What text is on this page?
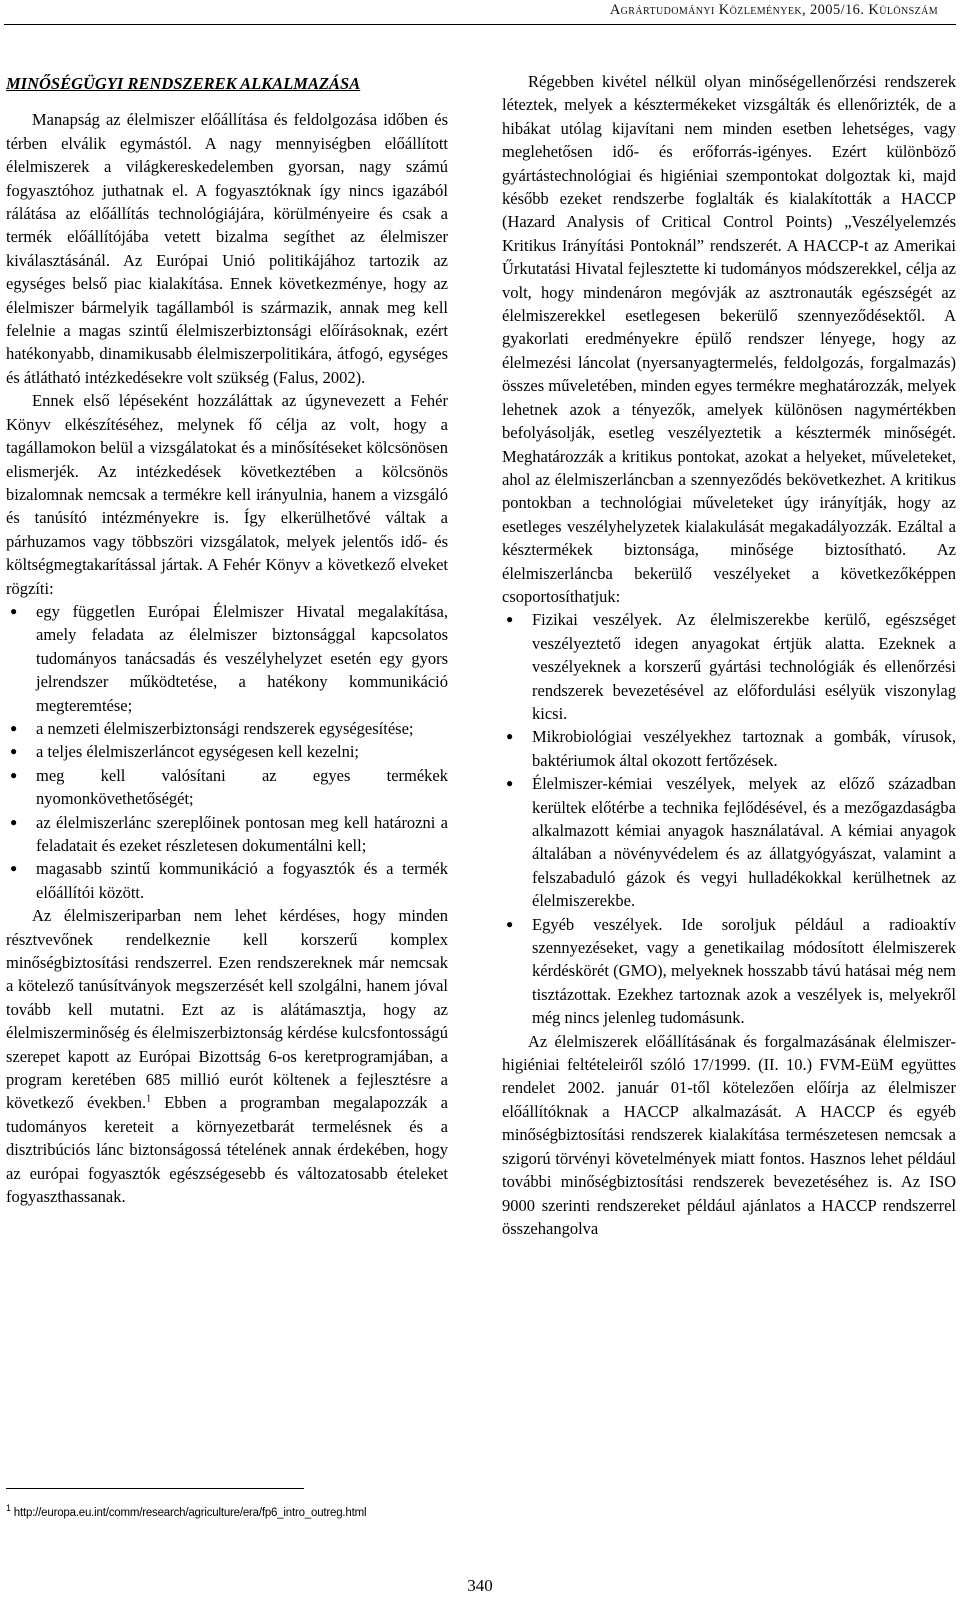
Agrártudományi Közlemények, 2005/16. Különszám
MINŐSÉGÜGYI RENDSZEREK ALKALMAZÁSA

Manapság az élelmiszer előállítása és feldolgozása időben és térben elválik egymástól. A nagy mennyiségben előállított élelmiszerek a világkereskedelemben gyorsan, nagy számú fogyasztóhoz juthatnak el. A fogyasztóknak így nincs igazából rálátása az előállítás technológiájára, körülményeire és csak a termék előállítójába vetett bizalma segíthet az élelmiszer kiválasztásánál. Az Európai Unió politikájához tartozik az egységes belső piac kialakítása. Ennek következménye, hogy az élelmiszer bármelyik tagállamból is származik, annak meg kell felelnie a magas szintű élelmiszerbiztonsági előírásoknak, ezért hatékonyabb, dinamikusabb élelmiszerpolitikára, átfogó, egységes és átlátható intézkedésekre volt szükség (Falus, 2002).

Ennek első lépéseként hozzáláttak az úgynevezett a Fehér Könyv elkészítéséhez, melynek fő célja az volt, hogy a tagállamokon belül a vizsgálatokat és a minősítéseket kölcsönösen elismerjék. Az intézkedések következtében a kölcsönös bizalomnak nemcsak a termékre kell irányulnia, hanem a vizsgáló és tanúsító intézményekre is. Így elkerülhetővé váltak a párhuzamos vagy többszöri vizsgálatok, melyek jelentős idő- és költségmegtakarítással jártak. A Fehér Könyv a következő elveket rögzíti:

● egy független Európai Élelmiszer Hivatal megalakítása, amely feladata az élelmiszer biztonsággal kapcsolatos tudományos tanácsadás és veszélyhelyzet esetén egy gyors jelrendszer működtetése, a hatékony kommunikáció megteremtése;
● a nemzeti élelmiszerbiztonsági rendszerek egységesítése;
● a teljes élelmiszerláncot egységesen kell kezelni;
● meg kell valósítani az egyes termékek nyomonkövethetőségét;
● az élelmiszerlánc szereplőinek pontosan meg kell határozni a feladatait és ezeket részletesen dokumentálni kell;
● magasabb szintű kommunikáció a fogyasztók és a termék előállítói között.

Az élelmiszeriparban nem lehet kérdéses, hogy minden résztvevőnek rendelkeznie kell korszerű komplex minőségbiztosítási rendszerrel. Ezen rendszereknek már nemcsak a kötelező tanúsítványok megszerzését kell szolgálni, hanem jóval tovább kell mutatni. Ezt az is alátámasztja, hogy az élelmiszerminőség és élelmiszerbiztonság kérdése kulcsfontosságú szerepet kapott az Európai Bizottság 6-os keretprogramjában, a program keretében 685 millió eurót költenek a fejlesztésre a következő években.$^1$ Ebben a programban megalapozzák a tudományos kereteit a környezetbarát termelésnek és a disztribúciós lánc biztonságossá tételének annak érdekében, hogy az európai fogyasztók egészségesebb és változatosabb ételeket fogyaszthassanak.

Régebben kivétel nélkül olyan minőségellenőrzési rendszerek léteztek, melyek a késztermékeket vizsgálták és ellenőrizték, de a hibákat utólag kijavítani nem minden esetben lehetséges, vagy meglehetősen idő- és erőforrás-igényes. Ezért különböző gyártástechnológiai és higiéniai szempontokat dolgoztak ki, majd később ezeket rendszerbe foglalták és kialakították a HACCP (Hazard Analysis of Critical Control Points) „Veszélyelemzés Kritikus Irányítási Pontoknál” rendszerét. A HACCP-t az Amerikai Űrkutatási Hivatal fejlesztette ki tudományos módszerekkel, célja az volt, hogy mindenáron megóvják az asztronauták egészségét az élelmiszerekkel esetlegesen bekerülő szennyeződésektől. A gyakorlati eredményekre épülő rendszer lényege, hogy az élelmezési láncolat (nyersanyagtermelés, feldolgozás, forgalmazás) összes műveletében, minden egyes termékre meghatározzák, melyek lehetnek azok a tényezők, amelyek különösen nagymértékben befolyásolják, esetleg veszélyeztetik a késztermék minőségét. Meghatározzák a kritikus pontokat, azokat a helyeket, műveleteket, ahol az élelmiszerláncban a szennyeződés bekövetkezhet. A kritikus pontokban a technológiai műveleteket úgy irányítják, hogy az esetleges veszélyhelyzetek kialakulását megakadályozzák. Ezáltal a késztermékek biztonsága, minősége biztosítható. Az élelmiszerláncba bekerülő veszélyeket a következőképpen csoportosíthatjuk:

● Fizikai veszélyek. Az élelmiszerekbe kerülő, egészséget veszélyeztető idegen anyagokat értjük alatta. Ezeknek a veszélyeknek a korszerű gyártási technológiák és ellenőrzési rendszerek bevezetésével az előfordulási esélyük viszonylag kicsi.
● Mikrobiológiai veszélyekhez tartoznak a gombák, vírusok, baktériumok által okozott fertőzések.
● Élelmiszer-kémiai veszélyek, melyek az előző században kerültek előtérbe a technika fejlődésével, és a mezőgazdaságba alkalmazott kémiai anyagok használatával. A kémiai anyagok általában a növényvédelem és az állatgyógyászat, valamint a felszabaduló gázok és vegyi hulladékokkal kerülhetnek az élelmiszerekbe.
● Egyéb veszélyek. Ide soroljuk például a radioaktív szennyezéseket, vagy a genetikailag módosított élelmiszerek kérdéskörét (GMO), melyeknek hosszabb távú hatásai még nem tisztázottak. Ezekhez tartoznak azok a veszélyek is, melyekről még nincs jelenleg tudomásunk.

Az élelmiszerek előállításának és forgalmazásának élelmiszer-higiéniai feltételeiről szóló 17/1999. (II. 10.) FVM-EüM együttes rendelet 2002. január 01-től kötelezően előírja az élelmiszer előállítóknak a HACCP alkalmazását. A HACCP és egyéb minőségbiztosítási rendszerek kialakítása természetesen nemcsak a szigorú törvényi követelmények miatt fontos. Hasznos lehet például további minőségbiztosítási rendszerek bevezetéséhez is. Az ISO 9000 szerinti rendszereket például ajánlatos a HACCP rendszerrel összehangolva

$^1$ http://europa.eu.int/comm/research/agriculture/era/fp6_intro_outreg.html
340
